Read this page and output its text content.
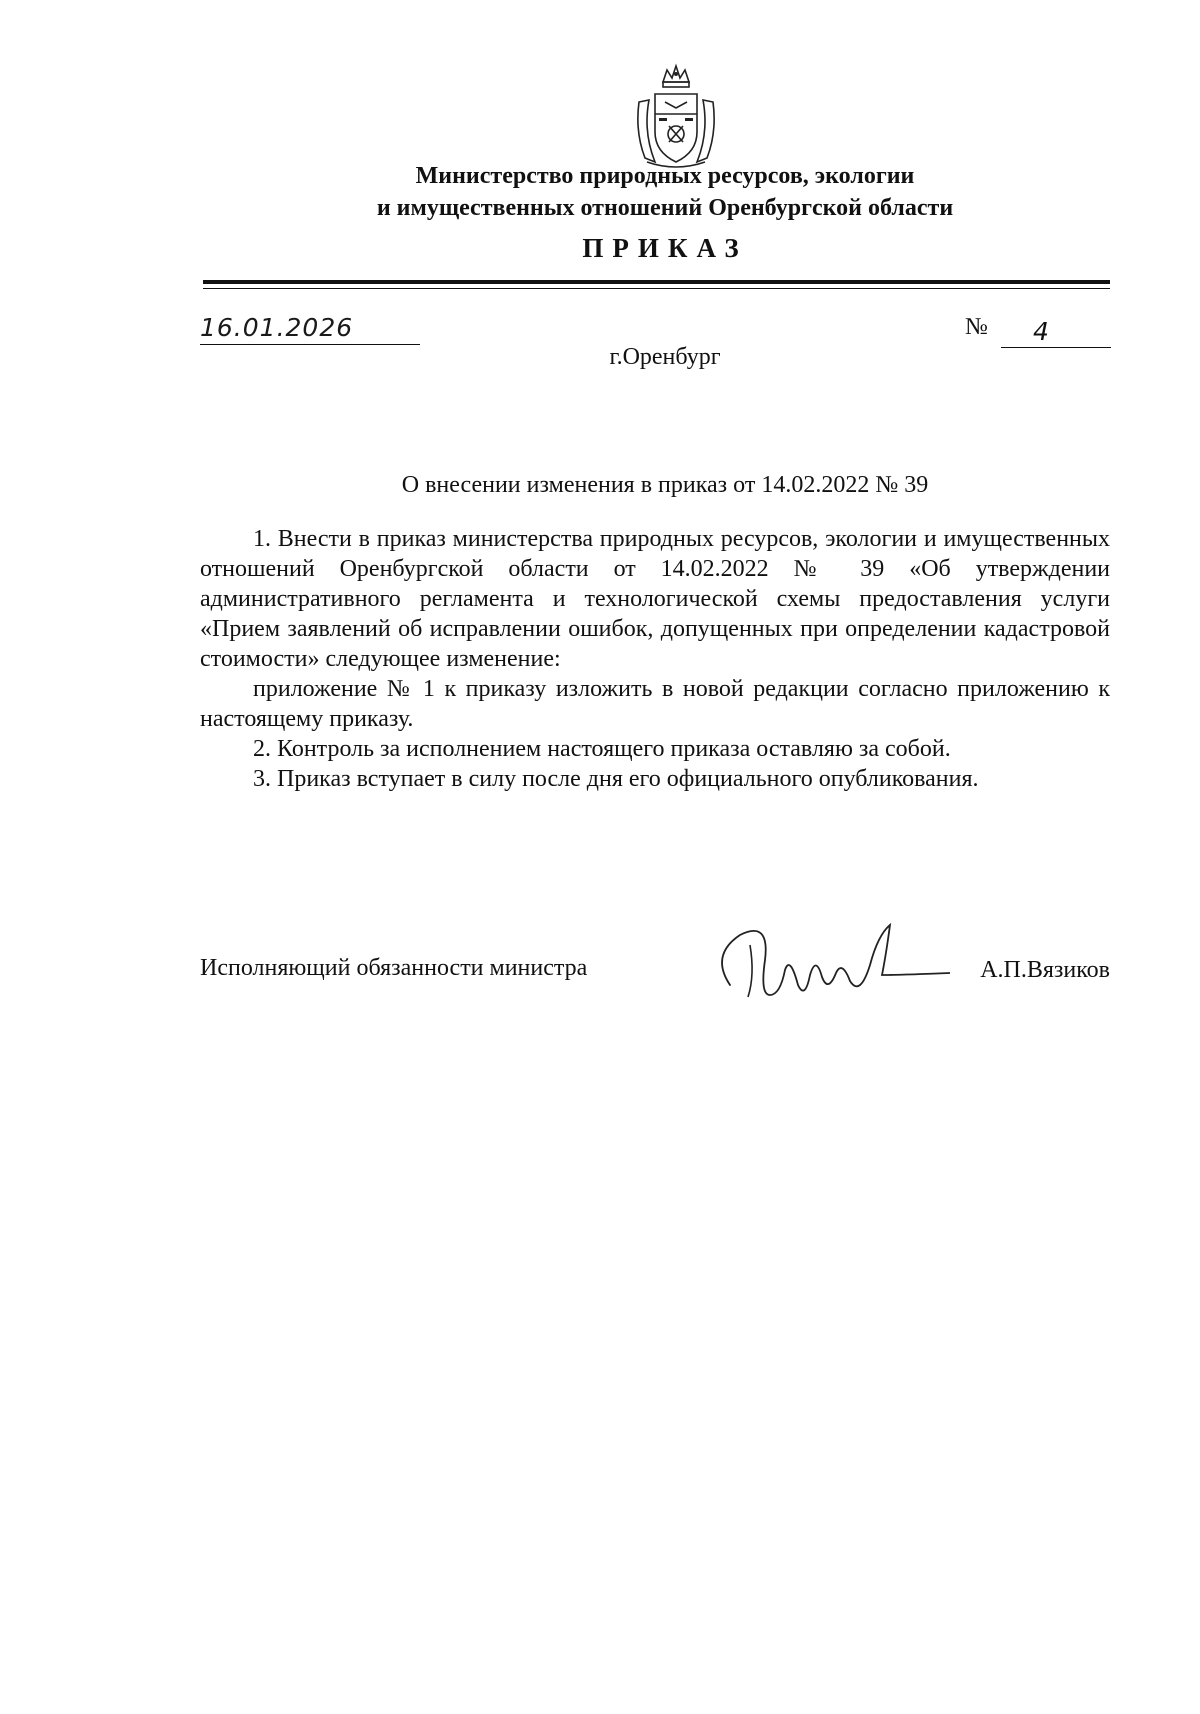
Министерство природных ресурсов, экологии
и имущественных отношений Оренбургской области
ПРИКАЗ
16.01.2026	№ 4
г.Оренбург
О внесении изменения в приказ от 14.02.2022 № 39

1. Внести в приказ министерства природных ресурсов, экологии и имущественных отношений Оренбургской области от 14.02.2022 № 39 «Об утверждении административного регламента и технологической схемы предоставления услуги «Прием заявлений об исправлении ошибок, допущенных при определении кадастровой стоимости» следующее изменение:

приложение № 1 к приказу изложить в новой редакции согласно приложению к настоящему приказу.

2. Контроль за исполнением настоящего приказа оставляю за собой.

3. Приказ вступает в силу после дня его официального опубликования.

Исполняющий обязанности министра	А.П.Вязиков
